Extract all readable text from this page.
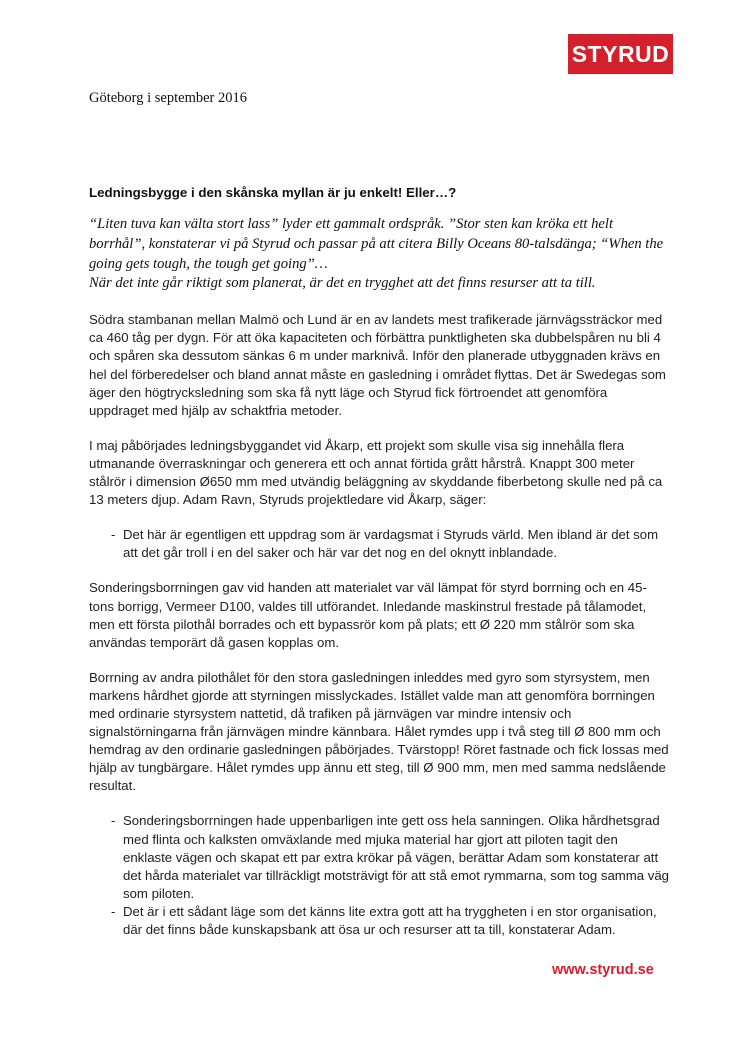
STYRUD
Göteborg i september 2016
Ledningsbygge i den skånska myllan är ju enkelt! Eller…?
“Liten tuva kan välta stort lass” lyder ett gammalt ordspråk. ”Stor sten kan kröka ett helt borrhål”, konstaterar vi på Styrud och passar på att citera Billy Oceans 80-talsdänga; “When the going gets tough, the tough get going”…
När det inte går riktigt som planerat, är det en trygghet att det finns resurser att ta till.

Södra stambanan mellan Malmö och Lund är en av landets mest trafikerade järnvägssträckor med ca 460 tåg per dygn. För att öka kapaciteten och förbättra punktligheten ska dubbelspåren nu bli 4 och spåren ska dessutom sänkas 6 m under marknivå. Inför den planerade utbyggnaden krävs en hel del förberedelser och bland annat måste en gasledning i området flyttas. Det är Swedegas som äger den högtrycksledning som ska få nytt läge och Styrud fick förtroendet att genomföra uppdraget med hjälp av schaktfria metoder.

I maj påbörjades ledningsbyggandet vid Åkarp, ett projekt som skulle visa sig innehålla flera utmanande överraskningar och generera ett och annat förtida grått hårstrå. Knappt 300 meter stålrör i dimension Ø650 mm med utvändig beläggning av skyddande fiberbetong skulle ned på ca 13 meters djup. Adam Ravn, Styruds projektledare vid Åkarp, säger:

- Det här är egentligen ett uppdrag som är vardagsmat i Styruds värld. Men ibland är det som att det går troll i en del saker och här var det nog en del oknytt inblandade.

Sonderingsborrningen gav vid handen att materialet var väl lämpat för styrd borrning och en 45-tons borrigg, Vermeer D100, valdes till utförandet. Inledande maskinstrul frestade på tålamodet, men ett första pilothål borrades och ett bypassrör kom på plats; ett Ø 220 mm stålrör som ska användas temporärt då gasen kopplas om.

Borrning av andra pilothålet för den stora gasledningen inleddes med gyro som styrsystem, men markens hårdhet gjorde att styrningen misslyckades. Istället valde man att genomföra borrningen med ordinarie styrsystem nattetid, då trafiken på järnvägen var mindre intensiv och signalstörningarna från järnvägen mindre kännbara. Hålet rymdes upp i två steg till Ø 800 mm och hemdrag av den ordinarie gasledningen påbörjades. Tvärstopp! Röret fastnade och fick lossas med hjälp av tungbärgare. Hålet rymdes upp ännu ett steg, till Ø 900 mm, men med samma nedslående resultat.

- Sonderingsborrningen hade uppenbarligen inte gett oss hela sanningen. Olika hårdhetsgrad med flinta och kalksten omväxlande med mjuka material har gjort att piloten tagit den enklaste vägen och skapat ett par extra krökar på vägen, berättar Adam som konstaterar att det hårda materialet var tillräckligt motsträvigt för att stå emot rymmarna, som tog samma väg som piloten.
- Det är i ett sådant läge som det känns lite extra gott att ha tryggheten i en stor organisation, där det finns både kunskapsbank att ösa ur och resurser att ta till, konstaterar Adam.
www.styrud.se
